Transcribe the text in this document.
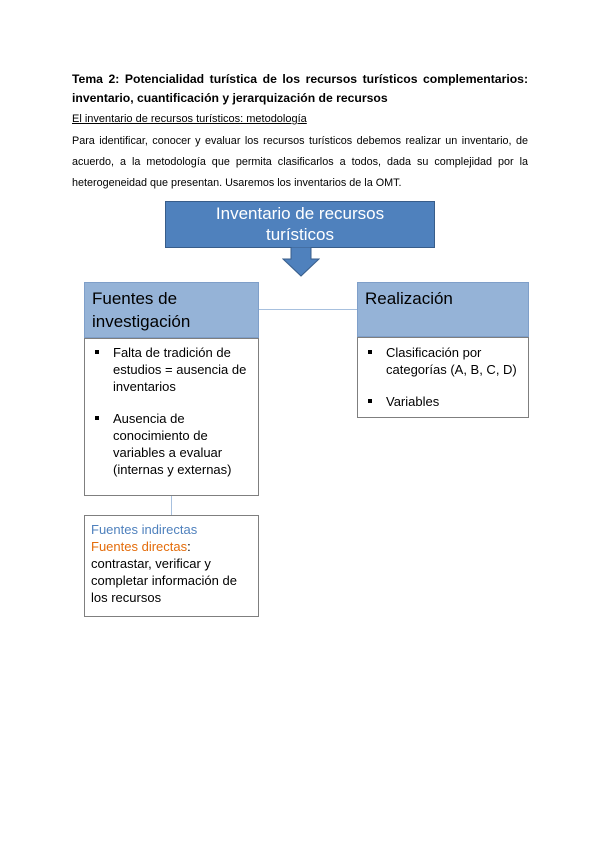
Tema 2: Potencialidad turística de los recursos turísticos complementarios:
inventario, cuantificación y jerarquización de recursos
El inventario de recursos turísticos: metodología
Para identificar, conocer y evaluar los recursos turísticos debemos realizar un inventario, de
acuerdo, a la metodología que permita clasificarlos a todos, dada su complejidad por la
heterogeneidad que presentan. Usaremos los inventarios de la OMT.
Inventario de recursos
turísticos
Fuentes de
investigación
Falta de tradición de estudios = ausencia de inventarios
Ausencia de conocimiento de variables a evaluar (internas y externas)
Realización
Clasificación por categorías (A, B, C, D)
Variables
Fuentes indirectas
Fuentes directas: contrastar, verificar y completar información de los recursos
